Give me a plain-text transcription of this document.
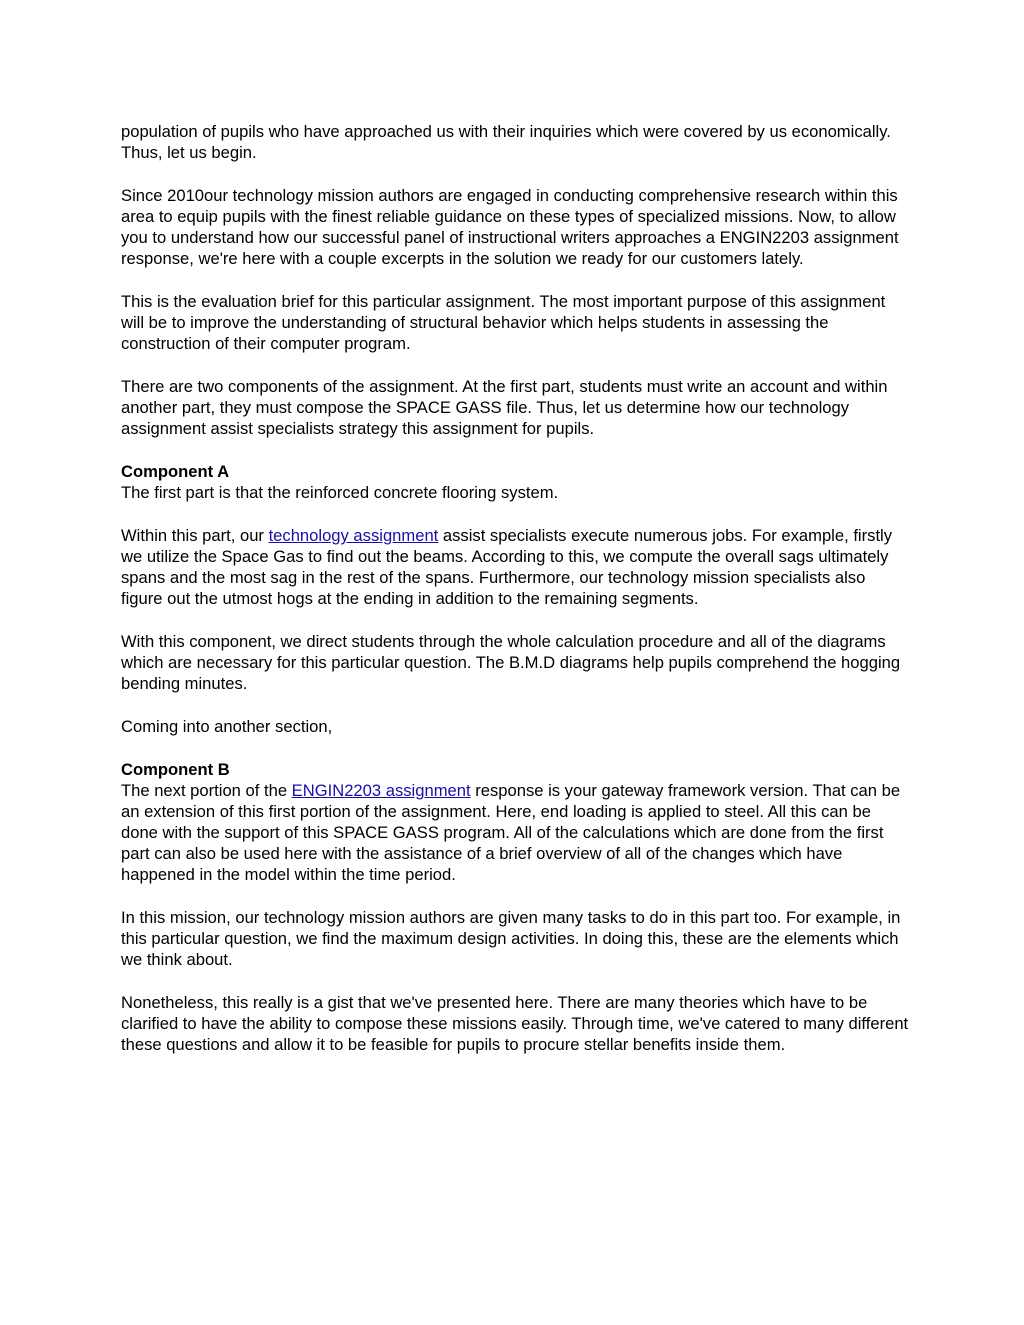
population of pupils who have approached us with their inquiries which were covered by us economically. Thus, let us begin.

Since 2010our technology mission authors are engaged in conducting comprehensive research within this area to equip pupils with the finest reliable guidance on these types of specialized missions. Now, to allow you to understand how our successful panel of instructional writers approaches a ENGIN2203 assignment response, we're here with a couple excerpts in the solution we ready for our customers lately.

This is the evaluation brief for this particular assignment. The most important purpose of this assignment will be to improve the understanding of structural behavior which helps students in assessing the construction of their computer program.

There are two components of the assignment. At the first part, students must write an account and within another part, they must compose the SPACE GASS file. Thus, let us determine how our technology assignment assist specialists strategy this assignment for pupils.

Component A
The first part is that the reinforced concrete flooring system.

Within this part, our technology assignment assist specialists execute numerous jobs. For example, firstly we utilize the Space Gas to find out the beams. According to this, we compute the overall sags ultimately spans and the most sag in the rest of the spans. Furthermore, our technology mission specialists also figure out the utmost hogs at the ending in addition to the remaining segments.

With this component, we direct students through the whole calculation procedure and all of the diagrams which are necessary for this particular question. The B.M.D diagrams help pupils comprehend the hogging bending minutes.

Coming into another section,

Component B
The next portion of the ENGIN2203 assignment response is your gateway framework version. That can be an extension of this first portion of the assignment. Here, end loading is applied to steel. All this can be done with the support of this SPACE GASS program. All of the calculations which are done from the first part can also be used here with the assistance of a brief overview of all of the changes which have happened in the model within the time period.

In this mission, our technology mission authors are given many tasks to do in this part too. For example, in this particular question, we find the maximum design activities. In doing this, these are the elements which we think about.

Nonetheless, this really is a gist that we've presented here. There are many theories which have to be clarified to have the ability to compose these missions easily. Through time, we've catered to many different these questions and allow it to be feasible for pupils to procure stellar benefits inside them.
